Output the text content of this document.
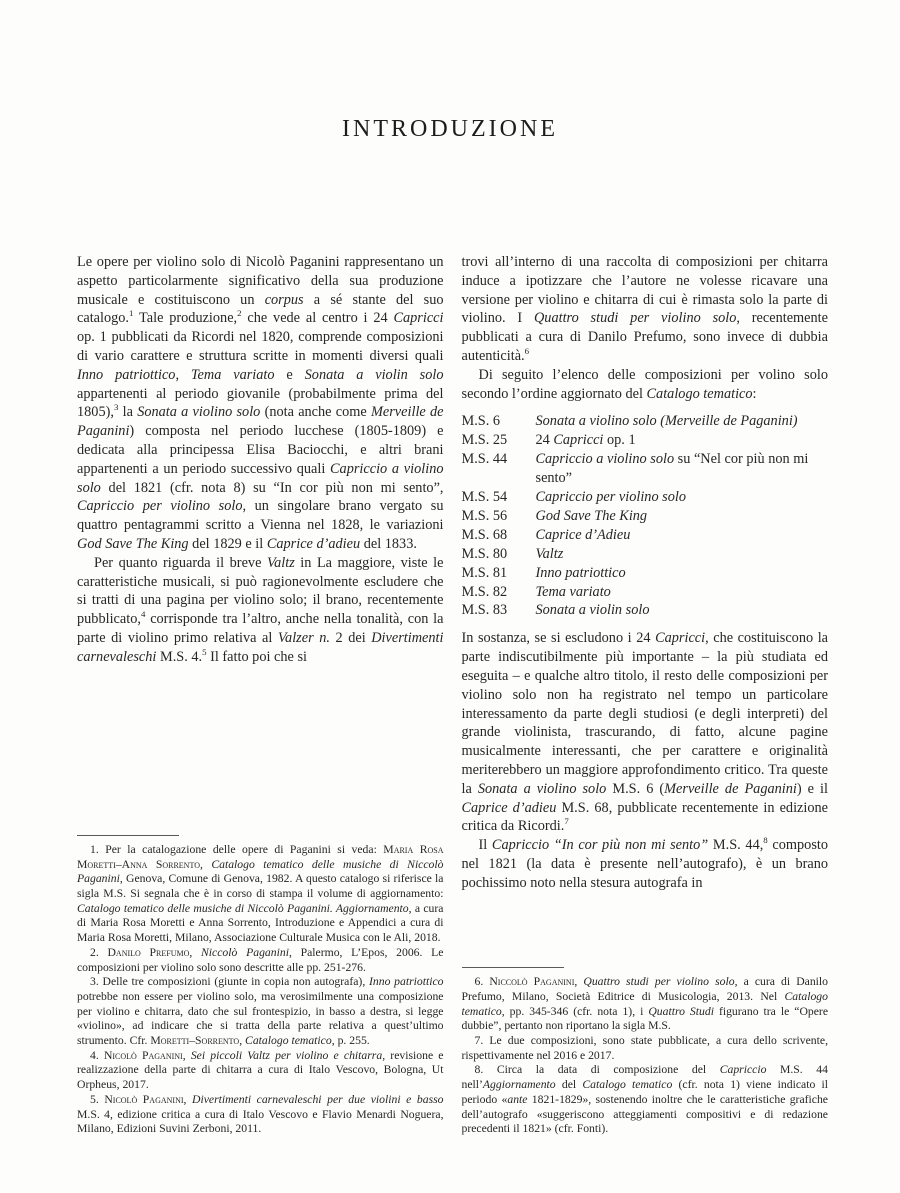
INTRODUZIONE

Le opere per violino solo di Nicolò Paganini rappresentano un aspetto particolarmente significativo della sua produzione musicale e costituiscono un corpus a sé stante del suo catalogo.$^1$ Tale produzione,$^2$ che vede al centro i 24 Capricci op. 1 pubblicati da Ricordi nel 1820, comprende composizioni di vario carattere e struttura scritte in momenti diversi quali Inno patriottico, Tema variato e Sonata a violin solo appartenenti al periodo giovanile (probabilmente prima del 1805),$^3$ la Sonata a violino solo (nota anche come Merveille de Paganini) composta nel periodo lucchese (1805-1809) e dedicata alla principessa Elisa Baciocchi, e altri brani appartenenti a un periodo successivo quali Capriccio a violino solo del 1821 (cfr. nota 8) su “In cor più non mi sento”, Capriccio per violino solo, un singolare brano vergato su quattro pentagrammi scritto a Vienna nel 1828, le variazioni God Save The King del 1829 e il Caprice d’adieu del 1833.

Per quanto riguarda il breve Valtz in La maggiore, viste le caratteristiche musicali, si può ragionevolmente escludere che si tratti di una pagina per violino solo; il brano, recentemente pubblicato,$^4$ corrisponde tra l’altro, anche nella tonalità, con la parte di violino primo relativa al Valzer n. 2 dei Divertimenti carnevaleschi M.S. 4.$^5$ Il fatto poi che si

1. Per la catalogazione delle opere di Paganini si veda: Maria Rosa Moretti–Anna Sorrento, Catalogo tematico delle musiche di Niccolò Paganini, Genova, Comune di Genova, 1982. A questo catalogo si riferisce la sigla M.S. Si segnala che è in corso di stampa il volume di aggiornamento: Catalogo tematico delle musiche di Niccolò Paganini. Aggiornamento, a cura di Maria Rosa Moretti e Anna Sorrento, Introduzione e Appendici a cura di Maria Rosa Moretti, Milano, Associazione Culturale Musica con le Ali, 2018.

2. Danilo Prefumo, Niccolò Paganini, Palermo, L’Epos, 2006. Le composizioni per violino solo sono descritte alle pp. 251-276.

3. Delle tre composizioni (giunte in copia non autografa), Inno patriottico potrebbe non essere per violino solo, ma verosimilmente una composizione per violino e chitarra, dato che sul frontespizio, in basso a destra, si legge «violino», ad indicare che si tratta della parte relativa a quest’ultimo strumento. Cfr. Moretti–Sorrento, Catalogo tematico, p. 255.

4. Nicolò Paganini, Sei piccoli Valtz per violino e chitarra, revisione e realizzazione della parte di chitarra a cura di Italo Vescovo, Bologna, Ut Orpheus, 2017.

5. Nicolò Paganini, Divertimenti carnevaleschi per due violini e basso M.S. 4, edizione critica a cura di Italo Vescovo e Flavio Menardi Noguera, Milano, Edizioni Suvini Zerboni, 2011.

trovi all’interno di una raccolta di composizioni per chitarra induce a ipotizzare che l’autore ne volesse ricavare una versione per violino e chitarra di cui è rimasta solo la parte di violino. I Quattro studi per violino solo, recentemente pubblicati a cura di Danilo Prefumo, sono invece di dubbia autenticità.$^6$

Di seguito l’elenco delle composizioni per volino solo secondo l’ordine aggiornato del Catalogo tematico:

M.S. 6	Sonata a violino solo (Merveille de Paganini)
M.S. 25	24 Capricci op. 1
M.S. 44	Capriccio a violino solo su “Nel cor più non mi sento”
M.S. 54	Capriccio per violino solo
M.S. 56	God Save The King
M.S. 68	Caprice d’Adieu
M.S. 80	Valtz
M.S. 81	Inno patriottico
M.S. 82	Tema variato
M.S. 83	Sonata a violin solo

In sostanza, se si escludono i 24 Capricci, che costituiscono la parte indiscutibilmente più importante – la più studiata ed eseguita – e qualche altro titolo, il resto delle composizioni per violino solo non ha registrato nel tempo un particolare interessamento da parte degli studiosi (e degli interpreti) del grande violinista, trascurando, di fatto, alcune pagine musicalmente interessanti, che per carattere e originalità meriterebbero un maggiore approfondimento critico. Tra queste la Sonata a violino solo M.S. 6 (Merveille de Paganini) e il Caprice d’adieu M.S. 68, pubblicate recentemente in edizione critica da Ricordi.$^7$

Il Capriccio “In cor più non mi sento” M.S. 44,$^8$ composto nel 1821 (la data è presente nell’autografo), è un brano pochissimo noto nella stesura autografa in

6. Niccolò Paganini, Quattro studi per violino solo, a cura di Danilo Prefumo, Milano, Società Editrice di Musicologia, 2013. Nel Catalogo tematico, pp. 345-346 (cfr. nota 1), i Quattro Studi figurano tra le “Opere dubbie”, pertanto non riportano la sigla M.S.

7. Le due composizioni, sono state pubblicate, a cura dello scrivente, rispettivamente nel 2016 e 2017.

8. Circa la data di composizione del Capriccio M.S. 44 nell’Aggiornamento del Catalogo tematico (cfr. nota 1) viene indicato il periodo «ante 1821-1829», sostenendo inoltre che le caratteristiche grafiche dell’autografo «suggeriscono atteggiamenti compositivi e di redazione precedenti il 1821» (cfr. Fonti).
